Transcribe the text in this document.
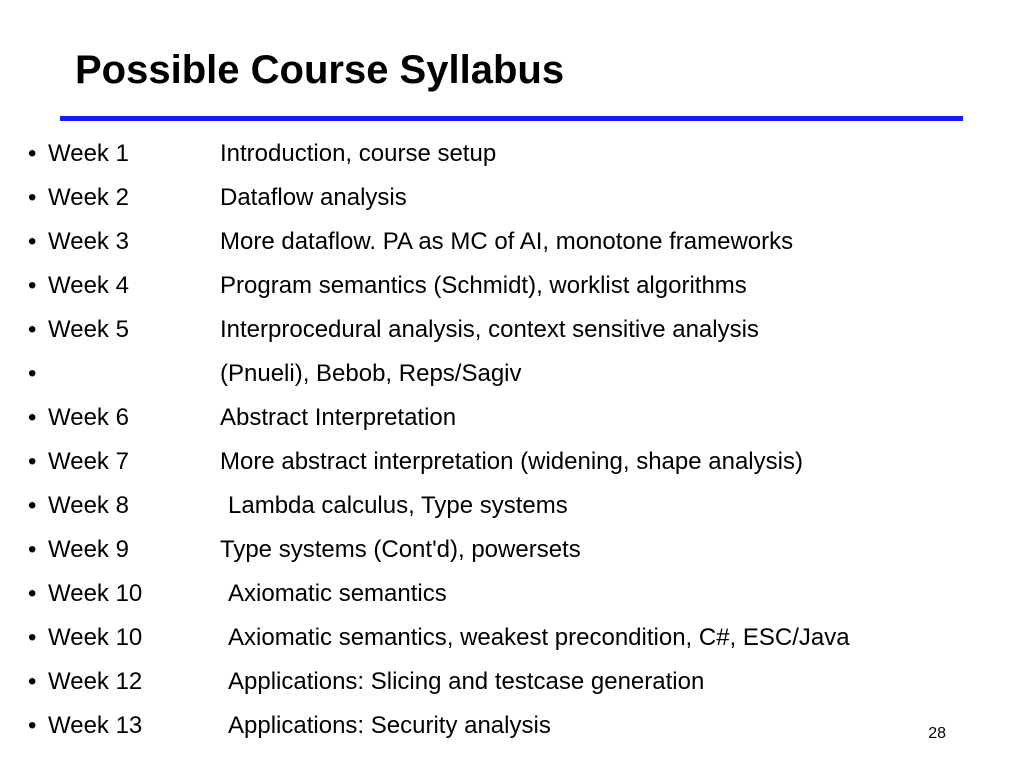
Possible Course Syllabus
• Week 1	Introduction, course setup
• Week 2	Dataflow analysis
• Week 3	More dataflow. PA as MC of AI, monotone frameworks
• Week 4	Program semantics (Schmidt), worklist algorithms
• Week 5	Interprocedural analysis, context sensitive analysis
•	(Pnueli), Bebob, Reps/Sagiv
• Week 6	Abstract Interpretation
• Week 7	More abstract interpretation (widening, shape analysis)
• Week 8	Lambda calculus, Type systems
• Week 9	Type systems (Cont'd), powersets
• Week 10	Axiomatic semantics
• Week 10	Axiomatic semantics, weakest precondition, C#, ESC/Java
• Week 12	Applications: Slicing and testcase generation
• Week 13	Applications: Security analysis	28
